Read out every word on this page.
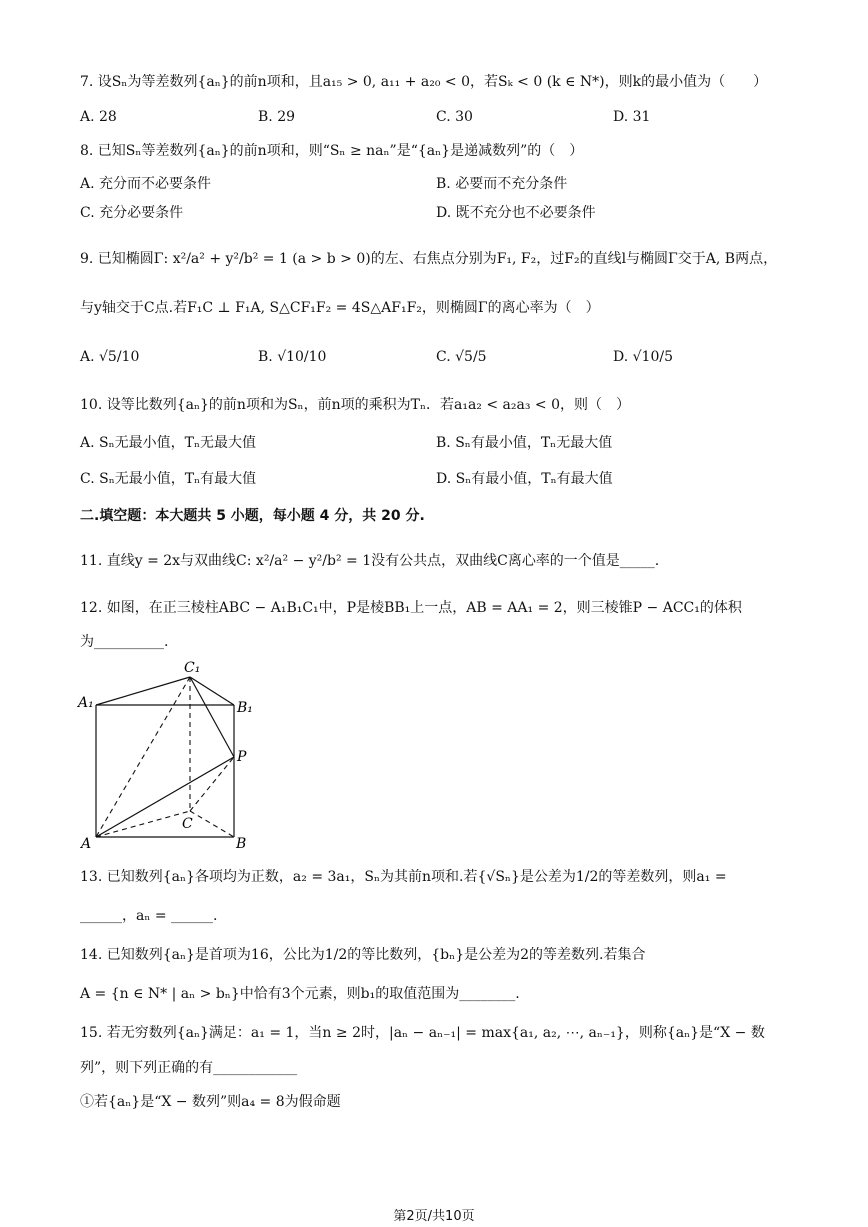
7. 设Sₙ为等差数列{aₙ}的前n项和，且a₁₅ > 0, a₁₁ + a₂₀ < 0，若Sₖ < 0 (k ∈ N*)，则k的最小值为（　　）
A. 28	B. 29	C. 30	D. 31
8. 已知Sₙ等差数列{aₙ}的前n项和，则“Sₙ ≥ naₙ”是“{aₙ}是递减数列”的（　）
A. 充分而不必要条件	B. 必要而不充分条件
C. 充分必要条件	D. 既不充分也不必要条件
9. 已知椭圆Γ: x²/a² + y²/b² = 1 (a > b > 0)的左、右焦点分别为F₁, F₂，过F₂的直线l与椭圆Γ交于A, B两点，
与y轴交于C点.若F₁C ⊥ F₁A, S△CF₁F₂ = 4S△AF₁F₂，则椭圆Γ的离心率为（　）
A. √5/10	B. √10/10	C. √5/5	D. √10/5
10. 设等比数列{aₙ}的前n项和为Sₙ，前n项的乘积为Tₙ．若a₁a₂ < a₂a₃ < 0，则（　）
A. Sₙ无最小值，Tₙ无最大值	B. Sₙ有最小值，Tₙ无最大值
C. Sₙ无最小值，Tₙ有最大值	D. Sₙ有最小值，Tₙ有最大值
二.填空题：本大题共 5 小题，每小题 4 分，共 20 分.
11. 直线y = 2x与双曲线C: x²/a² − y²/b² = 1没有公共点，双曲线C离心率的一个值是_____.
12. 如图，在正三棱柱ABC − A₁B₁C₁中，P是棱BB₁上一点，AB = AA₁ = 2，则三棱锥P − ACC₁的体积
为__________.
C₁
A₁	B₁
P
C
A	B
13. 已知数列{aₙ}各项均为正数，a₂ = 3a₁，Sₙ为其前n项和.若{√Sₙ}是公差为1/2的等差数列，则a₁ =
______，aₙ = ______.
14. 已知数列{aₙ}是首项为16，公比为1/2的等比数列，{bₙ}是公差为2的等差数列.若集合
A = {n ∈ N* | aₙ > bₙ}中恰有3个元素，则b₁的取值范围为________.
15. 若无穷数列{aₙ}满足：a₁ = 1，当n ≥ 2时，|aₙ − aₙ₋₁| = max{a₁, a₂, ⋯, aₙ₋₁}，则称{aₙ}是“X − 数
列”，则下列正确的有____________
①若{aₙ}是“X − 数列”则a₄ = 8为假命题
第2页/共10页
